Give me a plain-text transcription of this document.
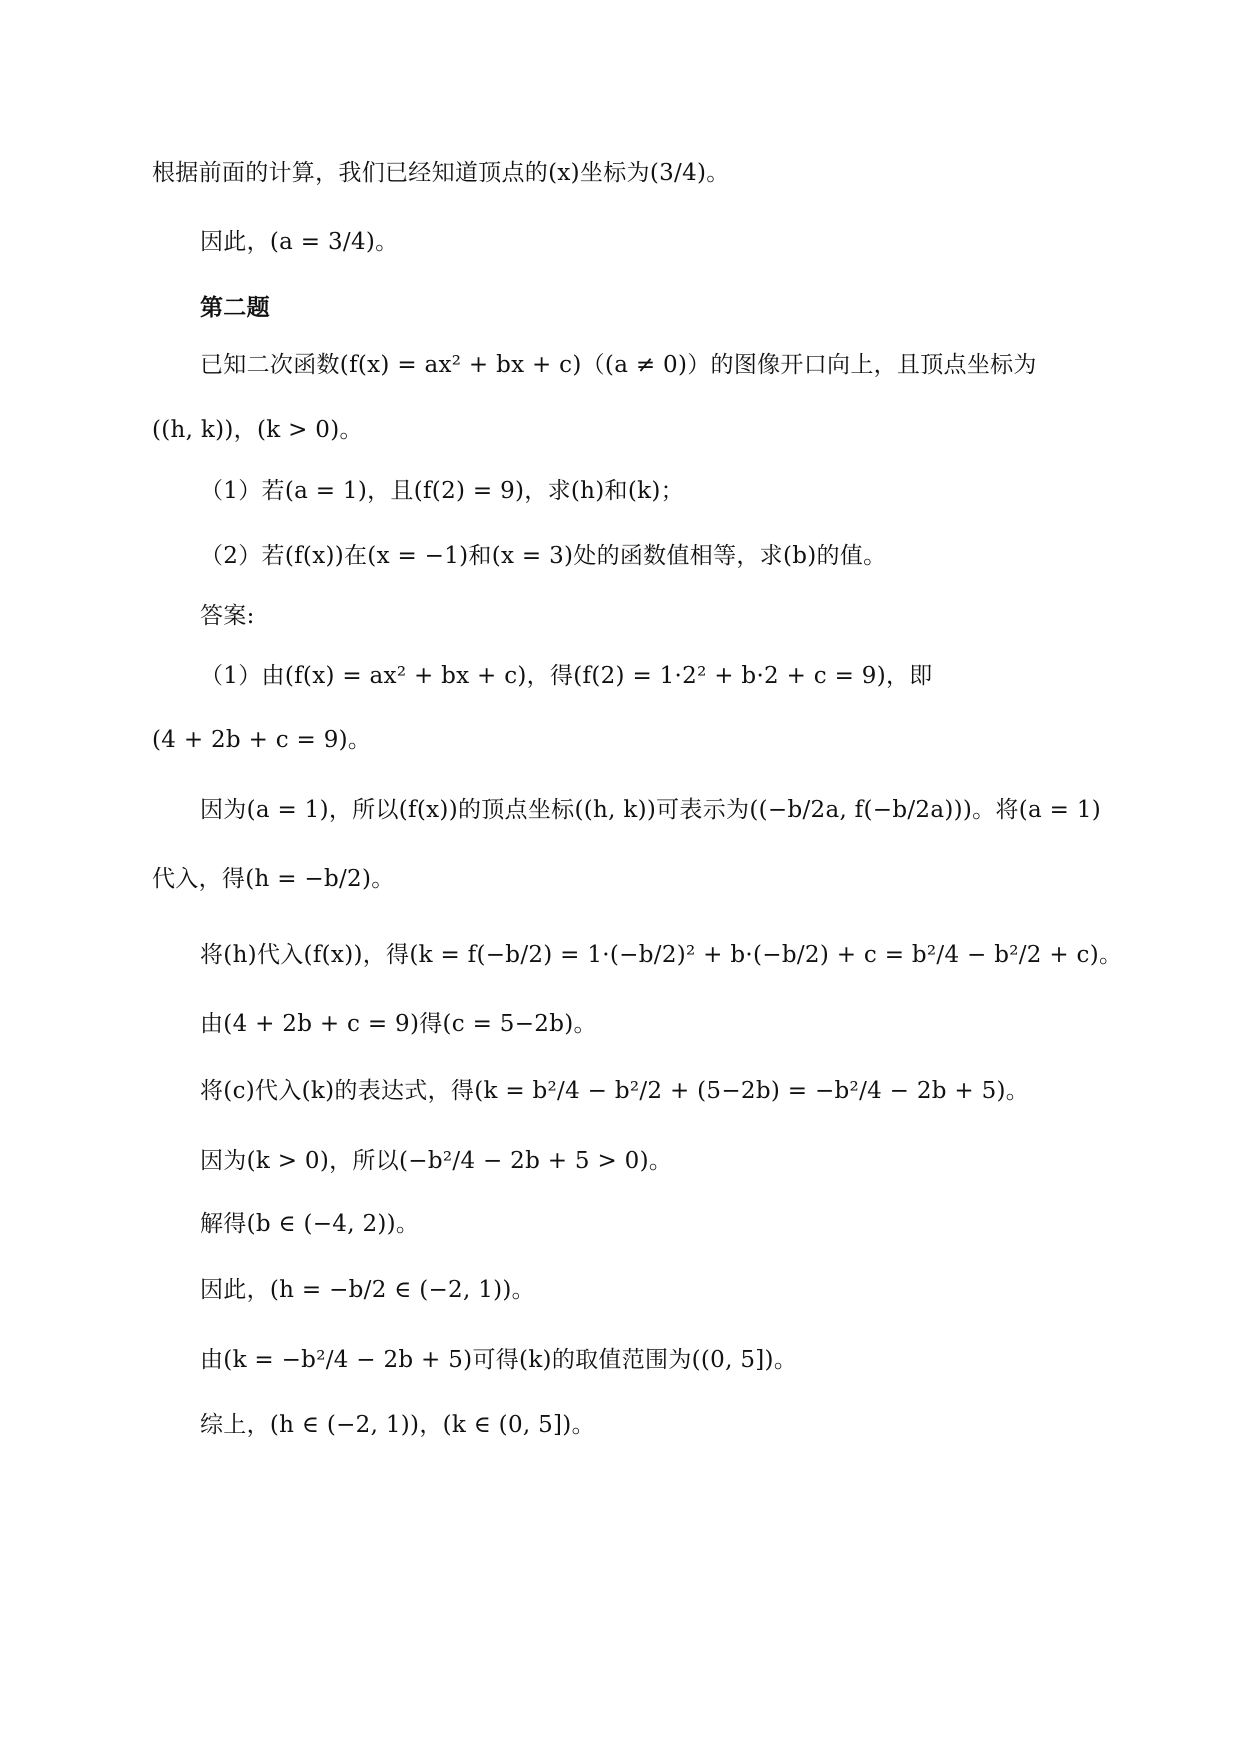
根据前面的计算，我们已经知道顶点的(x)坐标为(3/4)。
因此，(a = 3/4)。
第二题
已知二次函数(f(x) = ax² + bx + c)（(a ≠ 0)）的图像开口向上，且顶点坐标为
((h, k))，(k > 0)。
（1）若(a = 1)，且(f(2) = 9)，求(h)和(k)；
（2）若(f(x))在(x = −1)和(x = 3)处的函数值相等，求(b)的值。
答案:
（1）由(f(x) = ax² + bx + c)，得(f(2) = 1·2² + b·2 + c = 9)，即
(4 + 2b + c = 9)。
因为(a = 1)，所以(f(x))的顶点坐标((h, k))可表示为((−b/2a, f(−b/2a)))。将(a = 1)
代入，得(h = −b/2)。
将(h)代入(f(x))，得(k = f(−b/2) = 1·(−b/2)² + b·(−b/2) + c = b²/4 − b²/2 + c)。
由(4 + 2b + c = 9)得(c = 5−2b)。
将(c)代入(k)的表达式，得(k = b²/4 − b²/2 + (5−2b) = −b²/4 − 2b + 5)。
因为(k > 0)，所以(−b²/4 − 2b + 5 > 0)。
解得(b ∈ (−4, 2))。
因此，(h = −b/2 ∈ (−2, 1))。
由(k = −b²/4 − 2b + 5)可得(k)的取值范围为((0, 5])。
综上，(h ∈ (−2, 1))，(k ∈ (0, 5])。
